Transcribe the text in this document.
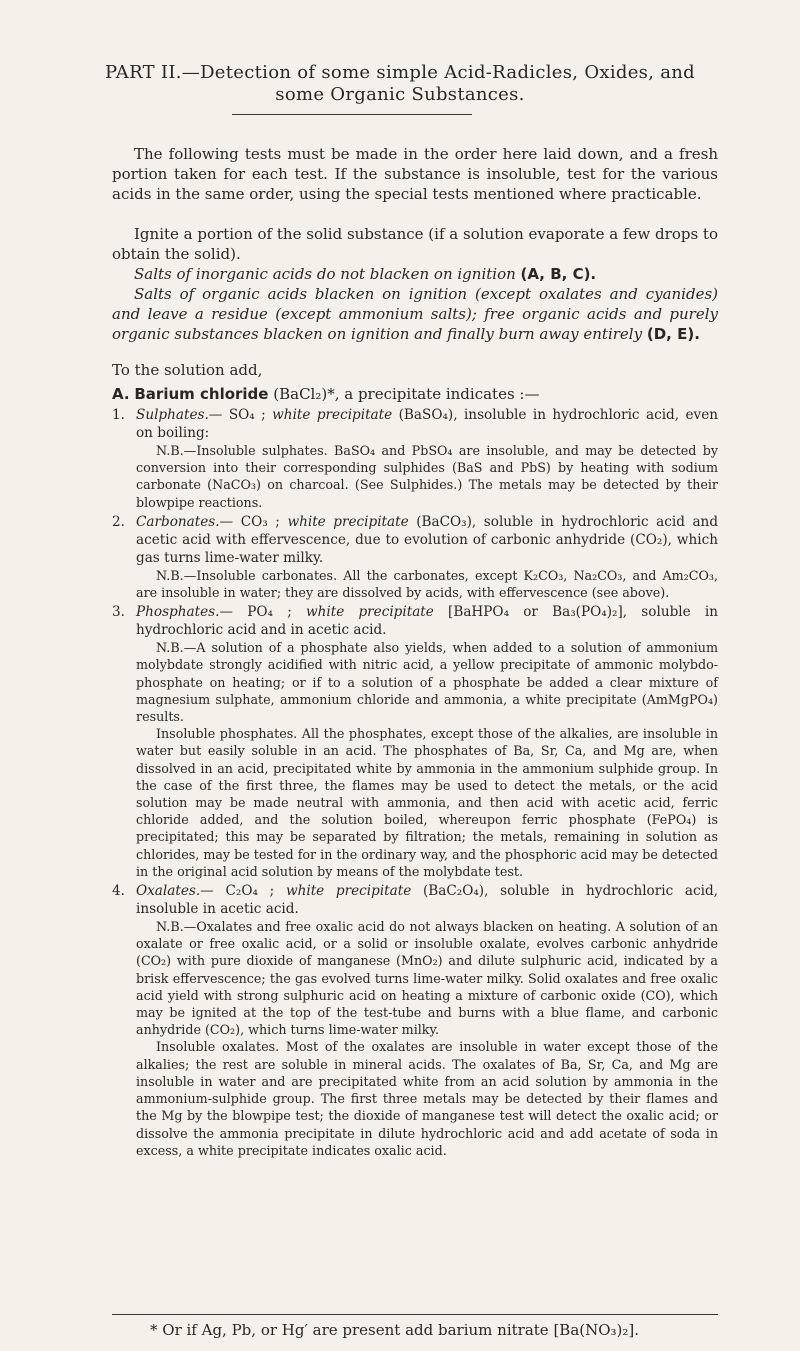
PART II.—Detection of some simple Acid-Radicles, Oxides, and
some Organic Substances.
The following tests must be made in the order here laid down, and a fresh portion taken for each test. If the substance is insoluble, test for the various acids in the same order, using the special tests mentioned where practicable.
Ignite a portion of the solid substance (if a solution evaporate a few drops to obtain the solid).
Salts of inorganic acids do not blacken on ignition (A, B, C).
Salts of organic acids blacken on ignition (except oxalates and cyanides) and leave a residue (except ammonium salts); free organic acids and purely organic substances blacken on ignition and finally burn away entirely (D, E).
To the solution add,
A. Barium chloride (BaCl₂)*, a precipitate indicates :—
1. Sulphates.— SO₄ ; white precipitate (BaSO₄), insoluble in hydrochloric acid, even on boiling:

N.B.—Insoluble sulphates. BaSO₄ and PbSO₄ are insoluble, and may be detected by conversion into their corresponding sulphides (BaS and PbS) by heating with sodium carbonate (NaCO₃) on charcoal. (See Sulphides.) The metals may be detected by their blowpipe reactions.

2. Carbonates.— CO₃ ; white precipitate (BaCO₃), soluble in hydrochloric acid and acetic acid with effervescence, due to evolution of carbonic anhydride (CO₂), which gas turns lime-water milky.

N.B.—Insoluble carbonates. All the carbonates, except K₂CO₃, Na₂CO₃, and Am₂CO₃, are insoluble in water; they are dissolved by acids, with effervescence (see above).

3. Phosphates.— PO₄ ; white precipitate [BaHPO₄ or Ba₃(PO₄)₂], soluble in hydrochloric acid and in acetic acid.

N.B.—A solution of a phosphate also yields, when added to a solution of ammonium molybdate strongly acidified with nitric acid, a yellow precipitate of ammonic molybdo-phosphate on heating; or if to a solution of a phosphate be added a clear mixture of magnesium sulphate, ammonium chloride and ammonia, a white precipitate (AmMgPO₄) results.

Insoluble phosphates. All the phosphates, except those of the alkalies, are insoluble in water but easily soluble in an acid. The phosphates of Ba, Sr, Ca, and Mg are, when dissolved in an acid, precipitated white by ammonia in the ammonium sulphide group. In the case of the first three, the flames may be used to detect the metals, or the acid solution may be made neutral with ammonia, and then acid with acetic acid, ferric chloride added, and the solution boiled, whereupon ferric phosphate (FePO₄) is precipitated; this may be separated by filtration; the metals, remaining in solution as chlorides, may be tested for in the ordinary way, and the phosphoric acid may be detected in the original acid solution by means of the molybdate test.

4. Oxalates.— C₂O₄ ; white precipitate (BaC₂O₄), soluble in hydrochloric acid, insoluble in acetic acid.

N.B.—Oxalates and free oxalic acid do not always blacken on heating. A solution of an oxalate or free oxalic acid, or a solid or insoluble oxalate, evolves carbonic anhydride (CO₂) with pure dioxide of manganese (MnO₂) and dilute sulphuric acid, indicated by a brisk effervescence; the gas evolved turns lime-water milky. Solid oxalates and free oxalic acid yield with strong sulphuric acid on heating a mixture of carbonic oxide (CO), which may be ignited at the top of the test-tube and burns with a blue flame, and carbonic anhydride (CO₂), which turns lime-water milky.

Insoluble oxalates. Most of the oxalates are insoluble in water except those of the alkalies; the rest are soluble in mineral acids. The oxalates of Ba, Sr, Ca, and Mg are insoluble in water and are precipitated white from an acid solution by ammonia in the ammonium-sulphide group. The first three metals may be detected by their flames and the Mg by the blowpipe test; the dioxide of manganese test will detect the oxalic acid; or dissolve the ammonia precipitate in dilute hydrochloric acid and add acetate of soda in excess, a white precipitate indicates oxalic acid.

* Or if Ag, Pb, or Hg′ are present add barium nitrate [Ba(NO₃)₂].
